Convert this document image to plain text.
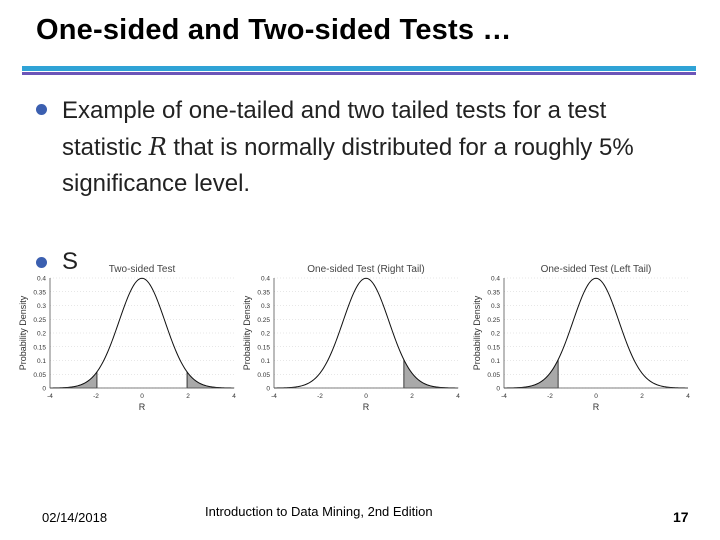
One-sided and Two-sided Tests …
Example of one-tailed and two tailed tests for a test statistic R that is normally distributed for a roughly 5% significance level.
S
0
0.05
0.1
0.15
0.2
0.25
0.3
0.35
0.4
-4	-2	0	2	4
Two-sided Test
R
Probability Density
0
0.05
0.1
0.15
0.2
0.25
0.3
0.35
0.4
-4	-2	0	2	4
One-sided Test (Right Tail)
R
Probability Density
0
0.05
0.1
0.15
0.2
0.25
0.3
0.35
0.4
-4	-2	0	2	4
One-sided Test (Left Tail)
R
Probability Density
02/14/2018	Introduction to Data Mining, 2nd Edition	17
